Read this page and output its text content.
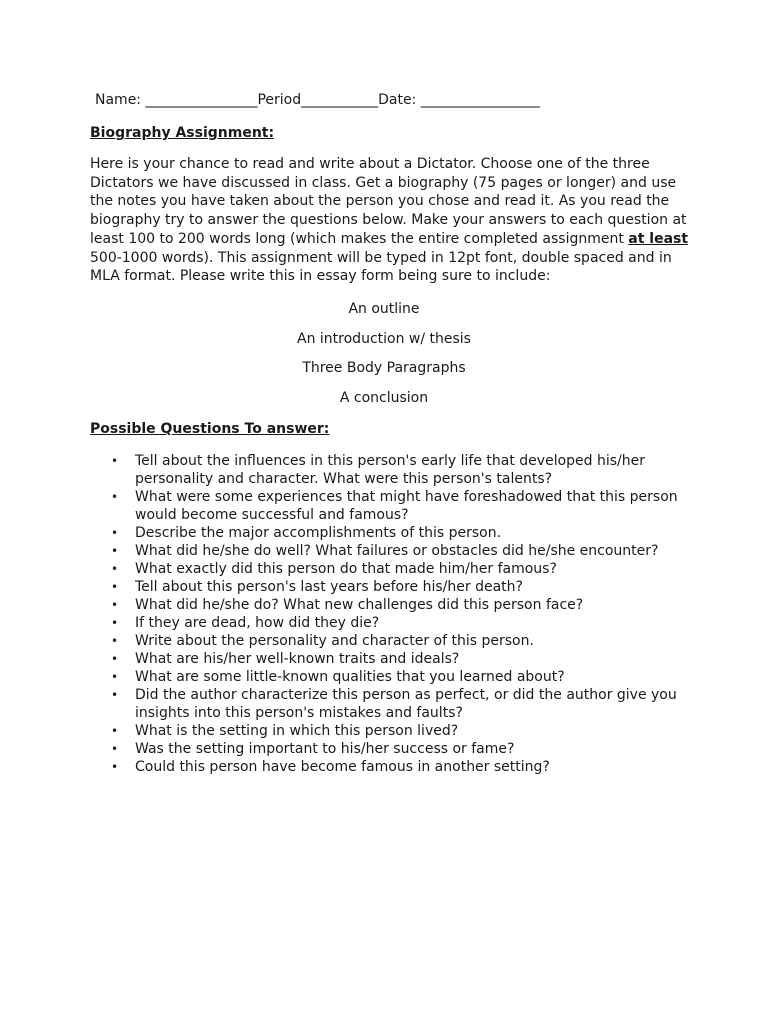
Name: ________________Period___________Date: _________________
Biography Assignment:
Here is your chance to read and write about a Dictator. Choose one of the three Dictators we have discussed in class. Get a biography (75 pages or longer) and use the notes you have taken about the person you chose and read it. As you read the biography try to answer the questions below. Make your answers to each question at least 100 to 200 words long (which makes the entire completed assignment at least 500-1000 words). This assignment will be typed in 12pt font, double spaced and in MLA format. Please write this in essay form being sure to include:
An outline
An introduction w/ thesis
Three Body Paragraphs
A conclusion
Possible Questions To answer:
• Tell about the influences in this person's early life that developed his/her personality and character. What were this person's talents?
• What were some experiences that might have foreshadowed that this person would become successful and famous?
• Describe the major accomplishments of this person.
• What did he/she do well? What failures or obstacles did he/she encounter?
• What exactly did this person do that made him/her famous?
• Tell about this person's last years before his/her death?
• What did he/she do? What new challenges did this person face?
• If they are dead, how did they die?
• Write about the personality and character of this person.
• What are his/her well-known traits and ideals?
• What are some little-known qualities that you learned about?
• Did the author characterize this person as perfect, or did the author give you insights into this person's mistakes and faults?
• What is the setting in which this person lived?
• Was the setting important to his/her success or fame?
• Could this person have become famous in another setting?
